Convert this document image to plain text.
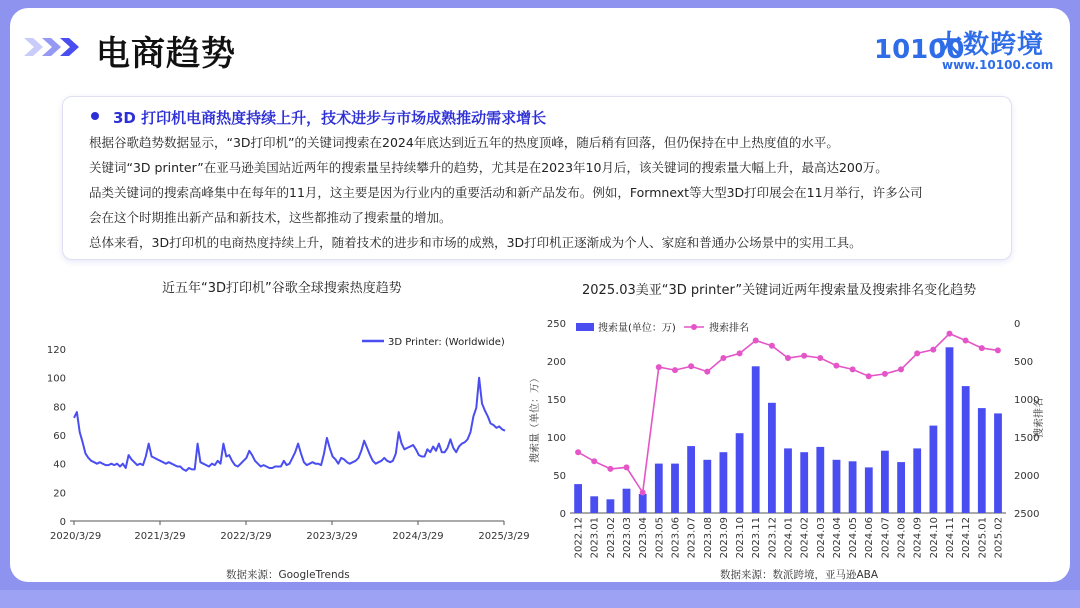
电商趋势	10100
大数跨境
www.10100.com
3D 打印机电商热度持续上升，技术进步与市场成熟推动需求增长
根据谷歌趋势数据显示，“3D打印机”的关键词搜索在2024年底达到近五年的热度顶峰，随后稍有回落，但仍保持在中上热度值的水平。
关键词“3D printer”在亚马逊美国站近两年的搜索量呈持续攀升的趋势，尤其是在2023年10月后，该关键词的搜索量大幅上升，最高达200万。
品类关键词的搜索高峰集中在每年的11月，这主要是因为行业内的重要活动和新产品发布。例如，Formnext等大型3D打印展会在11月举行，许多公司
会在这个时期推出新产品和新技术，这些都推动了搜索量的增加。
总体来看，3D打印机的电商热度持续上升，随着技术的进步和市场的成熟，3D打印机正逐渐成为个人、家庭和普通办公场景中的实用工具。
近五年“3D打印机”谷歌全球搜索热度趋势
0
20
40
60
80
100
120
2020/3/29	2021/3/29	2022/3/29	2023/3/29	2024/3/29	2025/3/29
3D Printer: (Worldwide)
数据来源：GoogleTrends
2025.03美亚“3D printer”关键词近两年搜索量及搜索排名变化趋势
0
50
100
150
200
250	0
500
1000
1500
2000
2500
搜索量（单位：万）	搜索排名
2022.12 2023.01 2023.02 2023.03 2023.04 2023.05 2023.06 2023.07 2023.08 2023.09 2023.10 2023.11 2023.12 2024.01 2024.02 2024.03 2024.04 2024.05 2024.06 2024.07 2024.08 2024.09 2024.10 2024.11 2024.12 2025.01 2025.02
搜索量(单位：万)	搜索排名
数据来源：数派跨境，亚马逊ABA
